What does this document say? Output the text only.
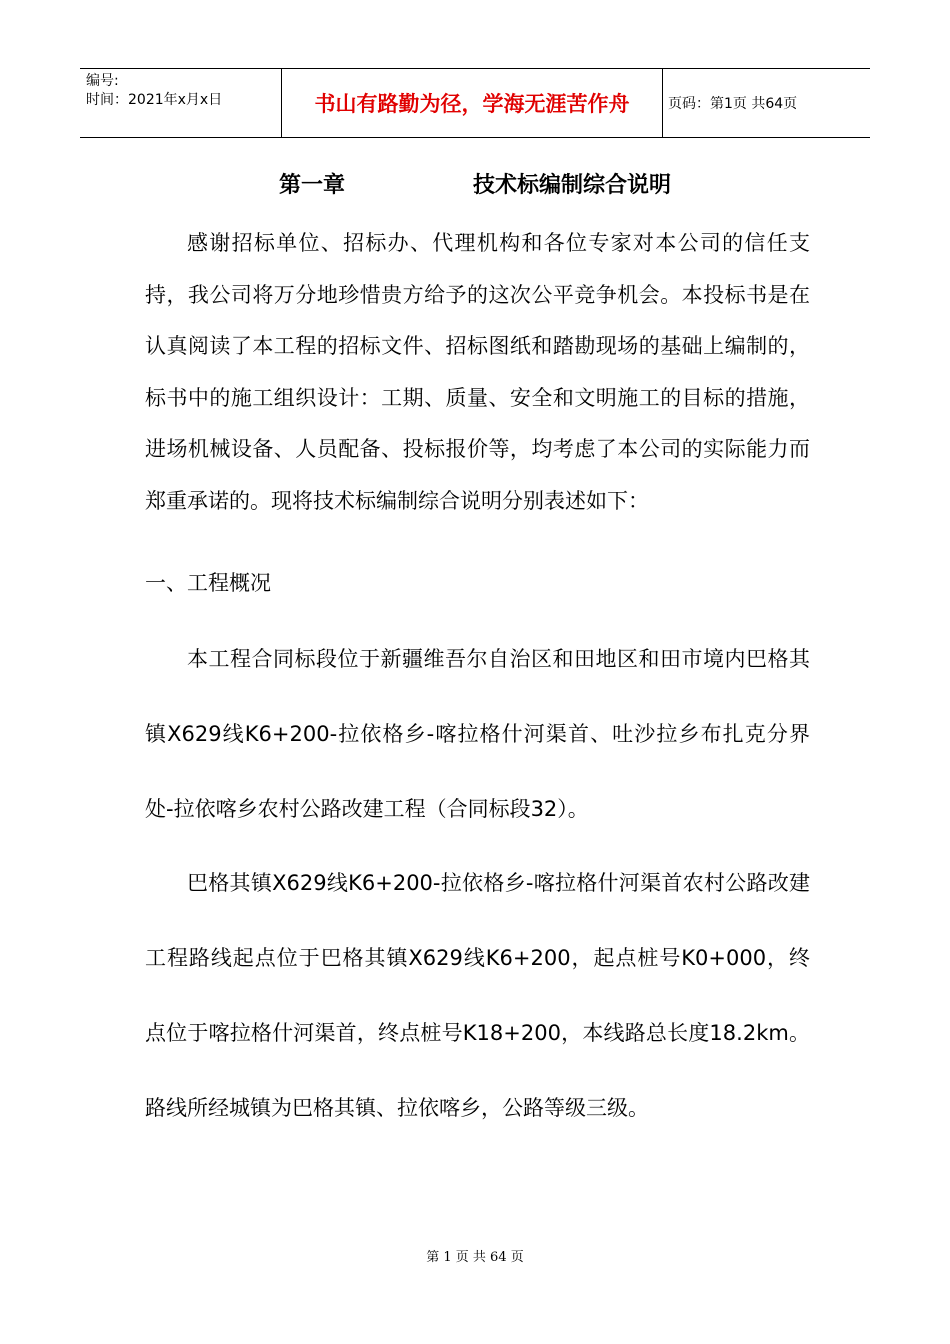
编号:
时间：2021年x月x日	书山有路勤为径，学海无涯苦作舟	页码：第1页 共64页
第一章	技术标编制综合说明
感谢招标单位、招标办、代理机构和各位专家对本公司的信任支持，我公司将万分地珍惜贵方给予的这次公平竞争机会。本投标书是在认真阅读了本工程的招标文件、招标图纸和踏勘现场的基础上编制的，标书中的施工组织设计：工期、质量、安全和文明施工的目标的措施，进场机械设备、人员配备、投标报价等，均考虑了本公司的实际能力而郑重承诺的。现将技术标编制综合说明分别表述如下：
一、工程概况
本工程合同标段位于新疆维吾尔自治区和田地区和田市境内巴格其镇X629线K6+200-拉依格乡-喀拉格什河渠首、吐沙拉乡布扎克分界处-拉依喀乡农村公路改建工程（合同标段32）。
巴格其镇X629线K6+200-拉依格乡-喀拉格什河渠首农村公路改建工程路线起点位于巴格其镇X629线K6+200，起点桩号K0+000，终点位于喀拉格什河渠首，终点桩号K18+200，本线路总长度18.2km。路线所经城镇为巴格其镇、拉依喀乡，公路等级三级。
第 1 页 共 64 页
